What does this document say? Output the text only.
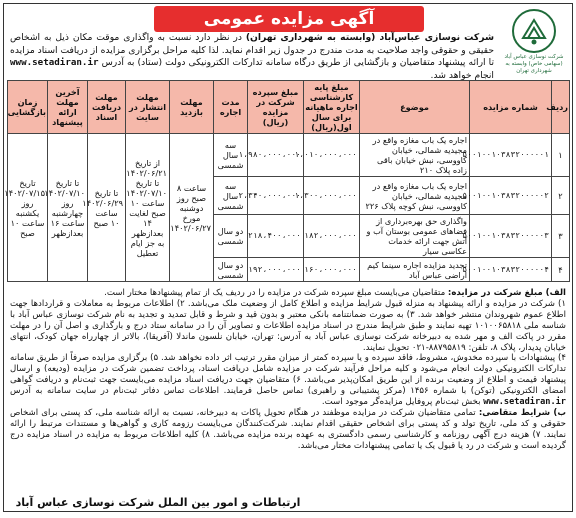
شرکت نوسازی عباس آباد (سهامی خاص) وابسته به شهرداری تهران
آگهی مزایده عمومی
شرکت نوسازی عباس‌آباد (وابسته به شهرداری تهران) در نظر دارد نسبت به واگذاری موقت مکان ذیل به اشخاص حقیقی و حقوقی واجد صلاحیت به مدت مندرج در جدول زیر اقدام نماید. لذا کلیه مراحل برگزاری مزایده از دریافت اسناد مزایده تا ارائه پیشنهاد متقاضیان و بازگشایی از طریق درگاه سامانه تدارکات الکترونیکی دولت (ستاد) به آدرس www.setadiran.ir انجام خواهد شد.
ردیف	شماره مزایده	موضوع	مبلغ پایه کارشناسی اجاره ماهیانه برای سال اول(ریال)	مبلغ سپرده شرکت در مزایده (ریال)	مدت اجاره	مهلت بازدید	مهلت انتشار در سایت	مهلت دریافت اسناد	آخرین مهلت ارائه پیشنهاد	زمان بازگشایی
۱	۵۰۰۱۰۰۱۰۳۸۳۲۰۰۰۰۰۱	اجاره یک باب مغازه واقع در مجیدیه شمالی، خیابان کاووسی، نبش خیابان باقی زاده پلاک ۲۱۰	۱،۰۱۰،۰۰۰،۰۰۰	۱،۹۸۰،۰۰۰،۰۰۰	سه سال شمسی	ساعت ۸ صبح روز دوشنبه مورخ ۱۴۰۲/۰۶/۲۷	از تاریخ ۱۴۰۲/۰۶/۲۱ تا تاریخ ۱۴۰۲/۰۷/۱۰ ساعت ۱۰ صبح لغایت ۱۴ بعدازظهر به جز ایام تعطیل	تا تاریخ ۱۴۰۲/۰۶/۲۹ ساعت ۱۰ صبح	تا تاریخ ۱۴۰۲/۰۷/۱۰ روز چهارشنبه ساعت ۱۶ بعدازظهر	تاریخ ۱۴۰۲/۰۷/۱۵ روز یکشنبه ساعت ۱۰ صبح
۲	۵۰۰۱۰۰۱۰۳۸۳۲۰۰۰۰۰۲	اجاره یک باب مغازه واقع در مجیدیه شمالی، خیابان کاووسی، نبش کوچه پلاک ۲۲۶	۱،۳۰۰،۰۰۰،۰۰۰	۲،۳۴۰،۰۰۰،۰۰۰	سه سال شمسی					
۳	۵۰۰۱۰۰۱۰۳۸۳۲۰۰۰۰۰۳	واگذاری حق بهره‌برداری از فضاهای عمومی بوستان آب و آتش جهت ارائه خدمات عکاسی سیار	۱۸۲،۰۰۰،۰۰۰	۲۱۸،۴۰۰،۰۰۰	دو سال شمسی					
۴	۵۰۰۱۰۰۱۰۳۸۳۲۰۰۰۰۰۴	تجدید مزایده اجاره سینما کیم اراضی عباس آباد	۱۶۰،۰۰۰،۰۰۰	۱۹۲،۰۰۰،۰۰۰	دو سال شمسی					

الف) مبلغ شرکت در مزایده: متقاضیان می‌بایست مبلغ سپرده شرکت در مزایده را در ردیف یک از تمام پیشنهادها مختار است.

۱) شرکت در مزایده و ارائه پیشنهاد به منزله قبول شرایط مزایده و اطلاع کامل از وضعیت ملک می‌باشد. ۲) اطلاعات مربوط به معاملات و قراردادها جهت اطلاع عموم شهروندان منتشر خواهد شد. ۳) به صورت ضمانتنامه بانکی معتبر و بدون قید و شرط و قابل تمدید و تجدید به نام شرکت نوسازی عباس آباد با شناسه ملی ۱۰۱۰۰۶۵۸۱۸ تهیه نمایند و طبق شرایط مندرج در اسناد مزایده اطلاعات و تصاویر آن را در سامانه ستاد درج و بارگذاری و اصل آن را در مهلت مقرر در پاکت الف و مهر شده به دبیرخانه شرکت نوسازی عباس آباد به آدرس: تهران، خیابان نلسون ماندلا (آفریقا)، بالاتر از چهارراه جهان کودک، انتهای خیابان پدیدار، پلاک ۸، تلفن: ۸۸۷۹۵۸۱۹-۰۲۱ تحویل نمایند.

۴) پیشنهادات با سپرده مخدوش، مشروط، فاقد سپرده و یا سپرده کمتر از میزان مقرر ترتیب اثر داده نخواهد شد. ۵) برگزاری مزایده صرفاً از طریق سامانه تدارکات الکترونیکی دولت انجام می‌شود و کلیه مراحل فرآیند شرکت در مزایده شامل دریافت اسناد، پرداخت تضمین شرکت در مزایده (ودیعه) و ارسال پیشنهاد قیمت و اطلاع از وضعیت برنده از این طریق امکان‌پذیر می‌باشد. ۶) متقاضیان جهت دریافت اسناد مزایده می‌بایست جهت ثبت‌نام و دریافت گواهی امضای الکترونیکی (توکن) با شماره ۱۴۵۶ (مرکز پشتیبانی و راهبری) تماس حاصل فرمایند. اطلاعات تماس دفاتر ثبت‌نام در سایت سامانه به آدرس www.setadiran.ir بخش ثبت‌نام پروفایل مزایده‌گر موجود است.

ب) شرایط متقاضی: تمامی متقاضیان شرکت در مزایده موظفند در هنگام تحویل پاکات به دبیرخانه، نسبت به ارائه شناسه ملی، کد پستی برای اشخاص حقوقی و کد ملی، تاریخ تولد و کد پستی برای اشخاص حقیقی اقدام نمایند. شرکت‌کنندگان می‌بایست رزومه کاری و گواهی‌ها و مستندات مرتبط را ارائه نمایند. ۷) هزینه درج آگهی روزنامه و کارشناسی رسمی دادگستری به عهده برنده مزایده می‌باشد. ۸) کلیه اطلاعات مربوط به مزایده در اسناد مزایده درج گردیده است و شرکت در رد یا قبول یک یا تمامی پیشنهادات مختار می‌باشد.

ارتباطات و امور بین الملل شرکت نوسازی عباس آباد
